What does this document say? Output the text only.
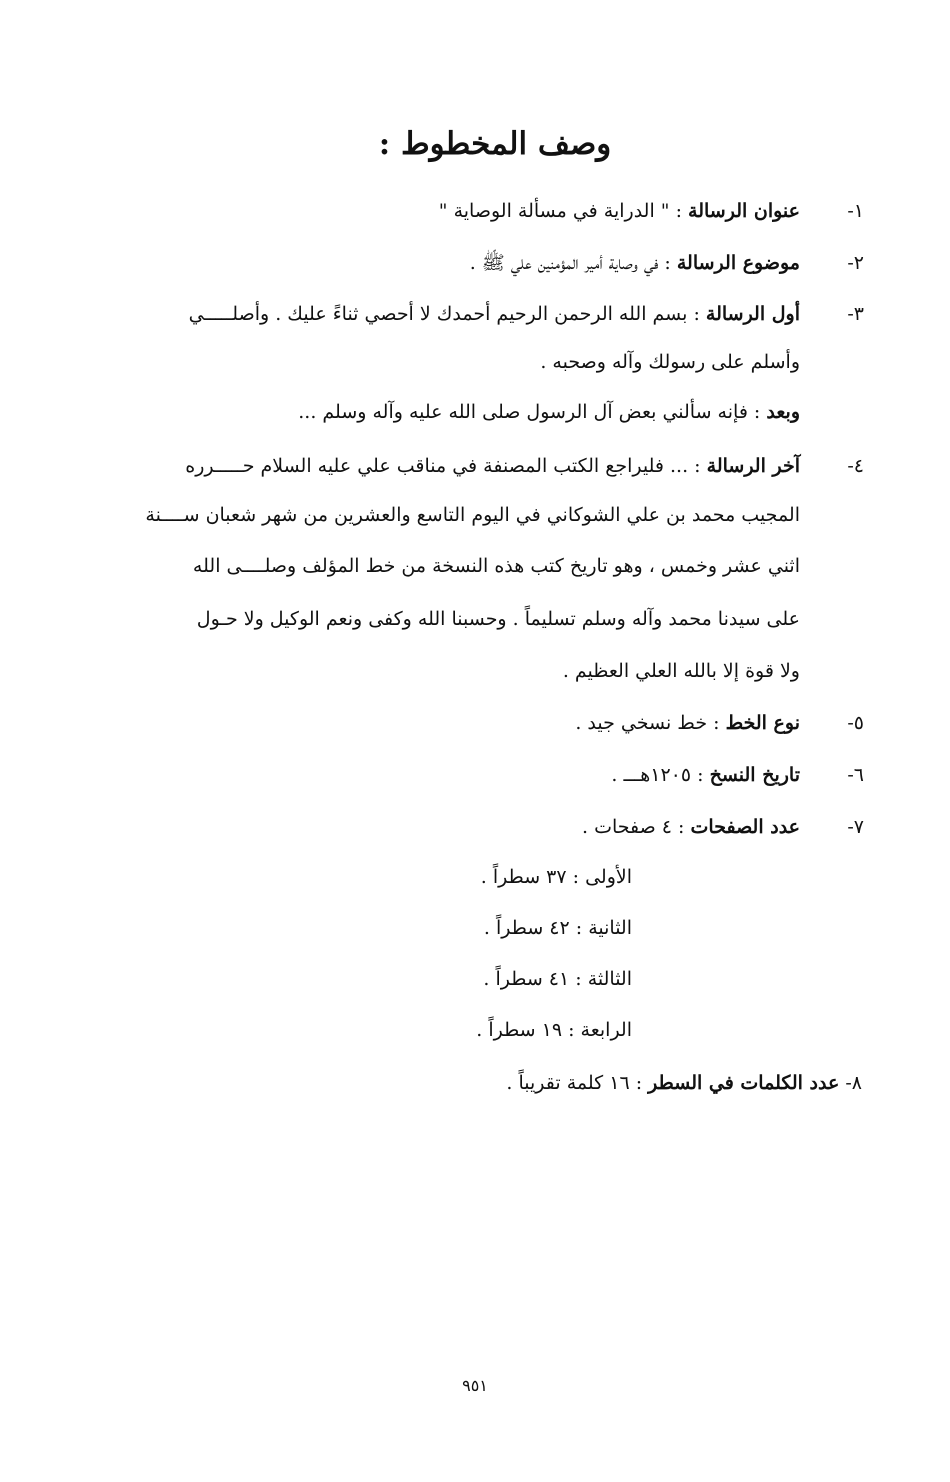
وصف المخطوط :
١-
عنوان الرسالة : " الدراية في مسألة الوصاية "
٢-
موضوع الرسالة : في وصاية أمير المؤمنين علي ﷺ .
٣-
أول الرسالة : بسم الله الرحمن الرحيم أحمدك لا أحصي ثناءً عليك . وأصلـــــي
وأسلم على رسولك وآله وصحبه .
وبعد : فإنه سألني بعض آل الرسول صلى الله عليه وآله وسلم ...
٤-
آخر الرسالة : ... فليراجع الكتب المصنفة في مناقب علي عليه السلام حـــــرره
المجيب محمد بن علي الشوكاني في اليوم التاسع والعشرين من شهر شعبان ســــنة
اثني عشر وخمس ، وهو تاريخ كتب هذه النسخة من خط المؤلف وصلــــى الله
على سيدنا محمد وآله وسلم تسليماً . وحسبنا الله وكفى ونعم الوكيل ولا حـول
ولا قوة إلا بالله العلي العظيم .
٥-
نوع الخط : خط نسخي جيد .
٦-
تاريخ النسخ : ١٢٠٥هـــ .
٧-
عدد الصفحات : ٤ صفحات .
الأولى : ٣٧ سطراً .
الثانية : ٤٢ سطراً .
الثالثة : ٤١ سطراً .
الرابعة : ١٩ سطراً .
٨- عدد الكلمات في السطر : ١٦ كلمة تقريباً .
٩٥١
